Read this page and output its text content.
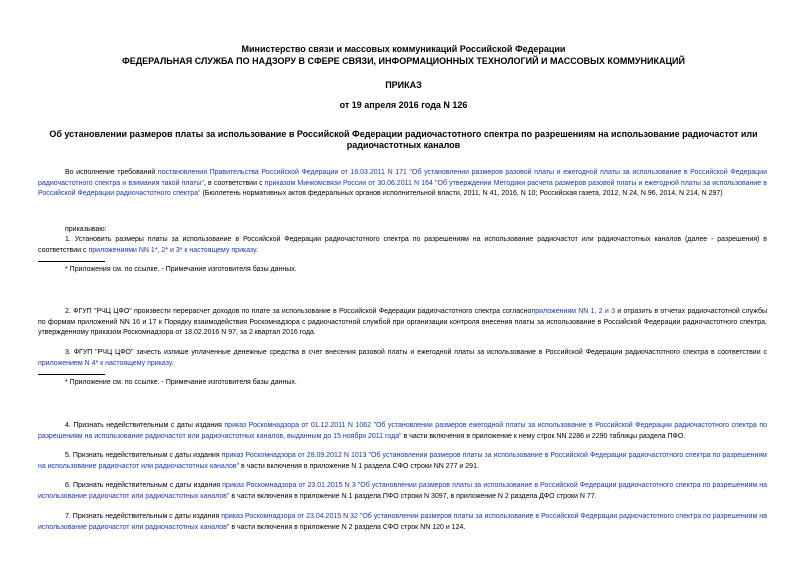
Министерство связи и массовых коммуникаций Российской Федерации
ФЕДЕРАЛЬНАЯ СЛУЖБА ПО НАДЗОРУ В СФЕРЕ СВЯЗИ, ИНФОРМАЦИОННЫХ ТЕХНОЛОГИЙ И МАССОВЫХ КОММУНИКАЦИЙ
ПРИКАЗ
от 19 апреля 2016 года N 126
Об установлении размеров платы за использование в Российской Федерации радиочастотного спектра по разрешениям на использование радиочастот или радиочастотных каналов
Во исполнение требований постановления Правительства Российской Федерации от 16.03.2011 N 171 "Об установлении размеров разовой платы и ежегодной платы за использование в Российской Федерации радиочастотного спектра и взимания такой платы", в соответствии с приказом Минкомсвязи России от 30.06.2011 N 164 "Об утверждении Методики расчета размеров разовой платы и ежегодной платы за использование в Российской Федерации радиочастотного спектра" (Бюллетень нормативных актов федеральных органов исполнительной власти, 2011, N 41, 2016, N 10; Российская газета, 2012, N 24, N 96, 2014, N 214, N 297)
приказываю:
1. Установить размеры платы за использование в Российской Федерации радиочастотного спектра по разрешениям на использование радиочастот или радиочастотных каналов (далее - разрешения) в соответствии с приложениями NN 1*, 2* и 3* к настоящему приказу.
* Приложения см. по ссылке. - Примечание изготовителя базы данных.
2. ФГУП "РЧЦ ЦФО" произвести перерасчет доходов по плате за использование в Российской Федерации радиочастотного спектра согласноприложениям NN 1, 2 и 3 и отразить в отчетах радиочастотной службы по формам приложений NN 16 и 17 к Порядку взаимодействия Роскомнадзора с радиочастотной службой при организации контроля внесения платы за использование в Российской Федерации радиочастотного спектра, утвержденному приказом Роскомнадзора от 18.02.2016 N 97, за 2 квартал 2016 года.
3. ФГУП "РЧЦ ЦФО" зачесть излише уплаченные денежные средства в счет внесения разовой платы и ежегодной платы за использование в Российской Федерации радиочастотного спектра в соответствии с приложением N 4* к настоящему приказу.
* Приложение см. по ссылке. - Примечание изготовителя базы данных.
4. Признать недействительным с даты издания приказ Роскомнадзора от 01.12.2011 N 1062 "Об установлении размеров ежегодной платы за использование в Российской Федерации радиочастотного спектра по разрешениям на использование радиочастот или радиочастотных каналов, выданным до 15 ноября 2011 года" в части включения в приложение к нему строк NN 2286 и 2290 таблицы раздела ПФО.
5. Признать недействительным с даты издания приказ Роскомнадзора от 28.09.2012 N 1013 "Об установлении размеров платы за использование в Российской Федерации радиочастотного спектра по разрешениям на использование радиочастот или радиочастотных каналов" в части включения в приложение N 1 раздела СФО строки NN 277 и 291.
6. Признать недействительным с даты издания приказ Роскомнадзора от 23.01.2015 N 3 "Об установлении размеров платы за использование в Российской Федерации радиочастотного спектра по разрешениям на использование радиочастот или радиочастотных каналов" в части включения в приложение N 1 раздела ПФО строки N 3097, в приложение N 2 раздела ДФО строки N 77.
7. Признать недействительным с даты издания приказ Роскомнадзора от 23.04.2015 N 32 "Об установлении размеров платы за использование в Российской Федерации радиочастотного спектра по разрешениям на использование радиочастот или радиочастотных каналов" в части включения в приложение N 2 раздела СФО строк NN 120 и 124.
